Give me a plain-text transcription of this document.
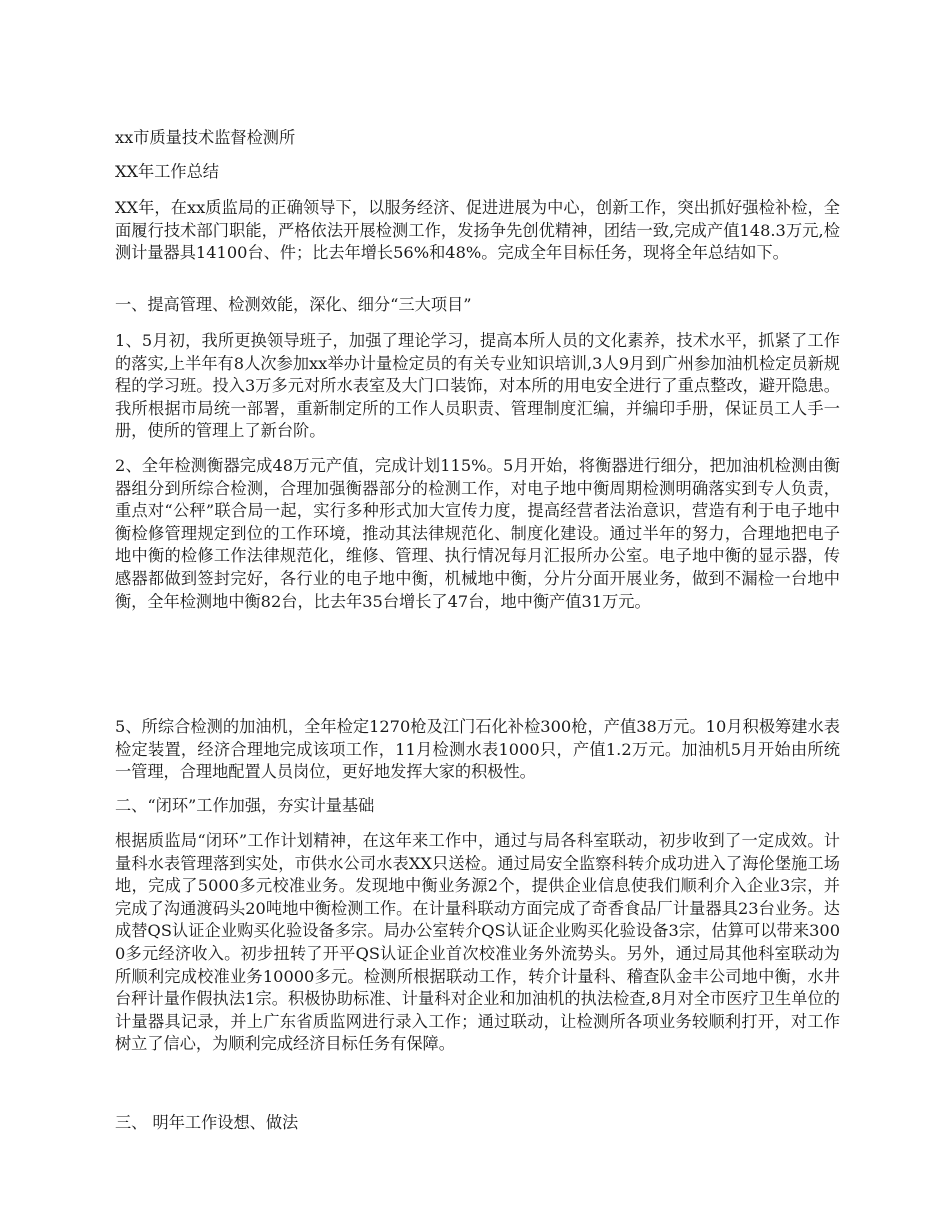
xx市质量技术监督检测所

XX年工作总结

XX年，在xx质监局的正确领导下，以服务经济、促进进展为中心，创新工作，突出抓好强检补检，全面履行技术部门职能，严格依法开展检测工作，发扬争先创优精神，团结一致,完成产值148.3万元,检测计量器具14100台、件；比去年增长56%和48%。完成全年目标任务，现将全年总结如下。

一、提高管理、检测效能，深化、细分“三大项目”

1、5月初，我所更换领导班子，加强了理论学习，提高本所人员的文化素养，技术水平，抓紧了工作的落实,上半年有8人次参加xx举办计量检定员的有关专业知识培训,3人9月到广州参加油机检定员新规程的学习班。投入3万多元对所水表室及大门口装饰，对本所的用电安全进行了重点整改，避开隐患。我所根据市局统一部署，重新制定所的工作人员职责、管理制度汇编，并编印手册，保证员工人手一册，使所的管理上了新台阶。

2、全年检测衡器完成48万元产值，完成计划115%。5月开始，将衡器进行细分，把加油机检测由衡器组分到所综合检测，合理加强衡器部分的检测工作，对电子地中衡周期检测明确落实到专人负责，重点对“公秤”联合局一起，实行多种形式加大宣传力度，提高经营者法治意识，营造有利于电子地中衡检修管理规定到位的工作环境，推动其法律规范化、制度化建设。通过半年的努力，合理地把电子地中衡的检修工作法律规范化，维修、管理、执行情况每月汇报所办公室。电子地中衡的显示器，传感器都做到签封完好，各行业的电子地中衡，机械地中衡，分片分面开展业务，做到不漏检一台地中衡，全年检测地中衡82台，比去年35台增长了47台，地中衡产值31万元。

5、所综合检测的加油机，全年检定1270枪及江门石化补检300枪，产值38万元。10月积极筹建水表检定装置，经济合理地完成该项工作，11月检测水表1000只，产值1.2万元。加油机5月开始由所统一管理，合理地配置人员岗位，更好地发挥大家的积极性。

二、“闭环”工作加强，夯实计量基础

根据质监局“闭环”工作计划精神，在这年来工作中，通过与局各科室联动，初步收到了一定成效。计量科水表管理落到实处，市供水公司水表XX只送检。通过局安全监察科转介成功进入了海伦堡施工场地，完成了5000多元校准业务。发现地中衡业务源2个，提供企业信息使我们顺利介入企业3宗，并完成了沟通渡码头20吨地中衡检测工作。在计量科联动方面完成了奇香食品厂计量器具23台业务。达成替QS认证企业购买化验设备多宗。局办公室转介QS认证企业购买化验设备3宗，估算可以带来3000多元经济收入。初步扭转了开平QS认证企业首次校准业务外流势头。另外，通过局其他科室联动为所顺利完成校准业务10000多元。检测所根据联动工作，转介计量科、稽查队金丰公司地中衡，水井台秤计量作假执法1宗。积极协助标准、计量科对企业和加油机的执法检查,8月对全市医疗卫生单位的计量器具记录，并上广东省质监网进行录入工作；通过联动，让检测所各项业务较顺利打开，对工作树立了信心，为顺利完成经济目标任务有保障。

三、 明年工作设想、做法
